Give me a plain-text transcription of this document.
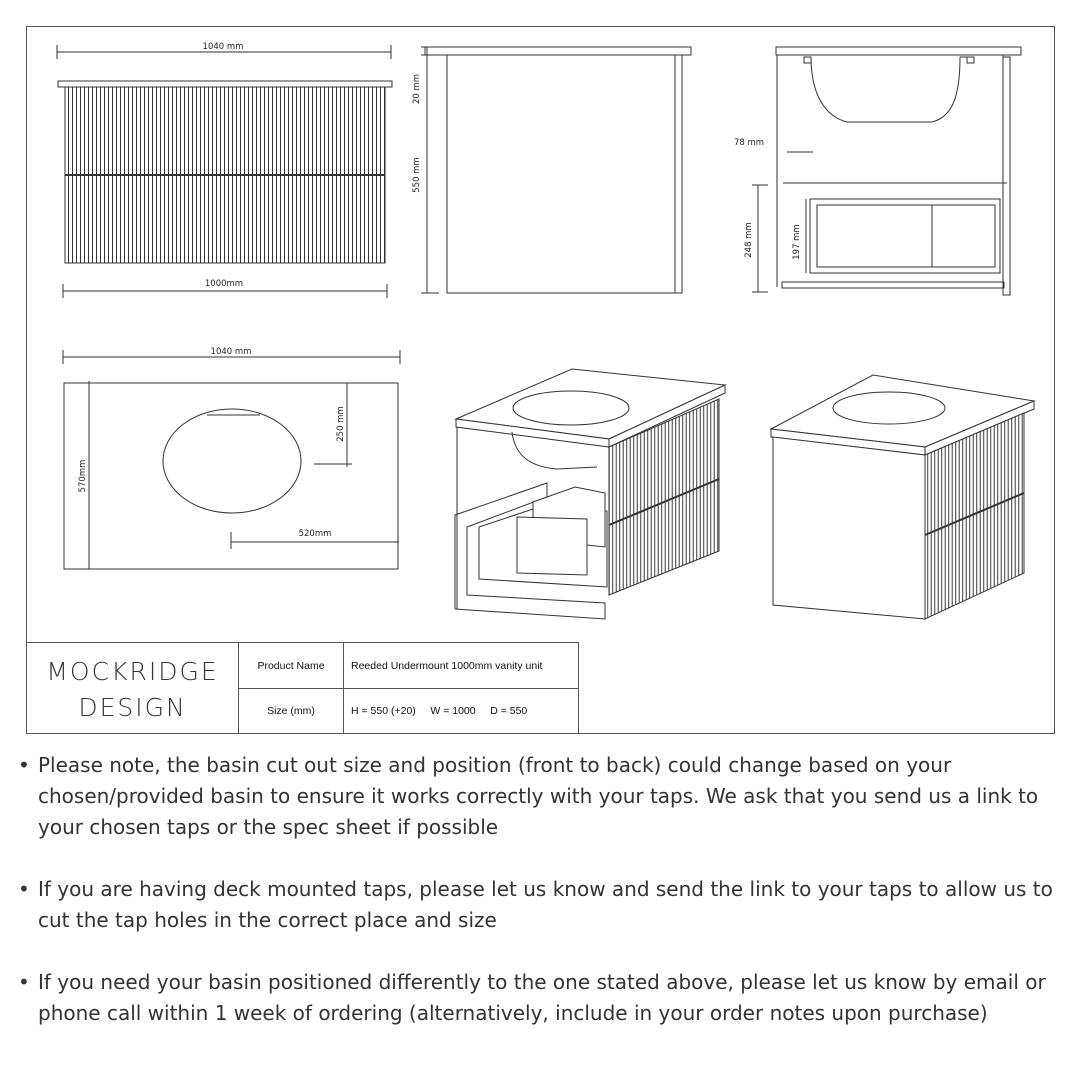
1040 mm
1000mm
20 mm
550 mm
78 mm
248 mm	197 mm
1040 mm
570mm
250 mm
520mm
MOCKRIDGE
DESIGN
Product Name	Reeded Undermount 1000mm vanity unit
Size (mm)	H = 550 (+20)     W = 1000     D = 550
• Please note, the basin cut out size and position (front to back) could change based on your chosen/provided basin to ensure it works correctly with your taps. We ask that you send us a link to your chosen taps or the spec sheet if possible
• If you are having deck mounted taps, please let us know and send the link to your taps to allow us to cut the tap holes in the correct place and size
• If you need your basin positioned differently to the one stated above, please let us know by email or phone call within 1 week of ordering (alternatively, include in your order notes upon purchase)
